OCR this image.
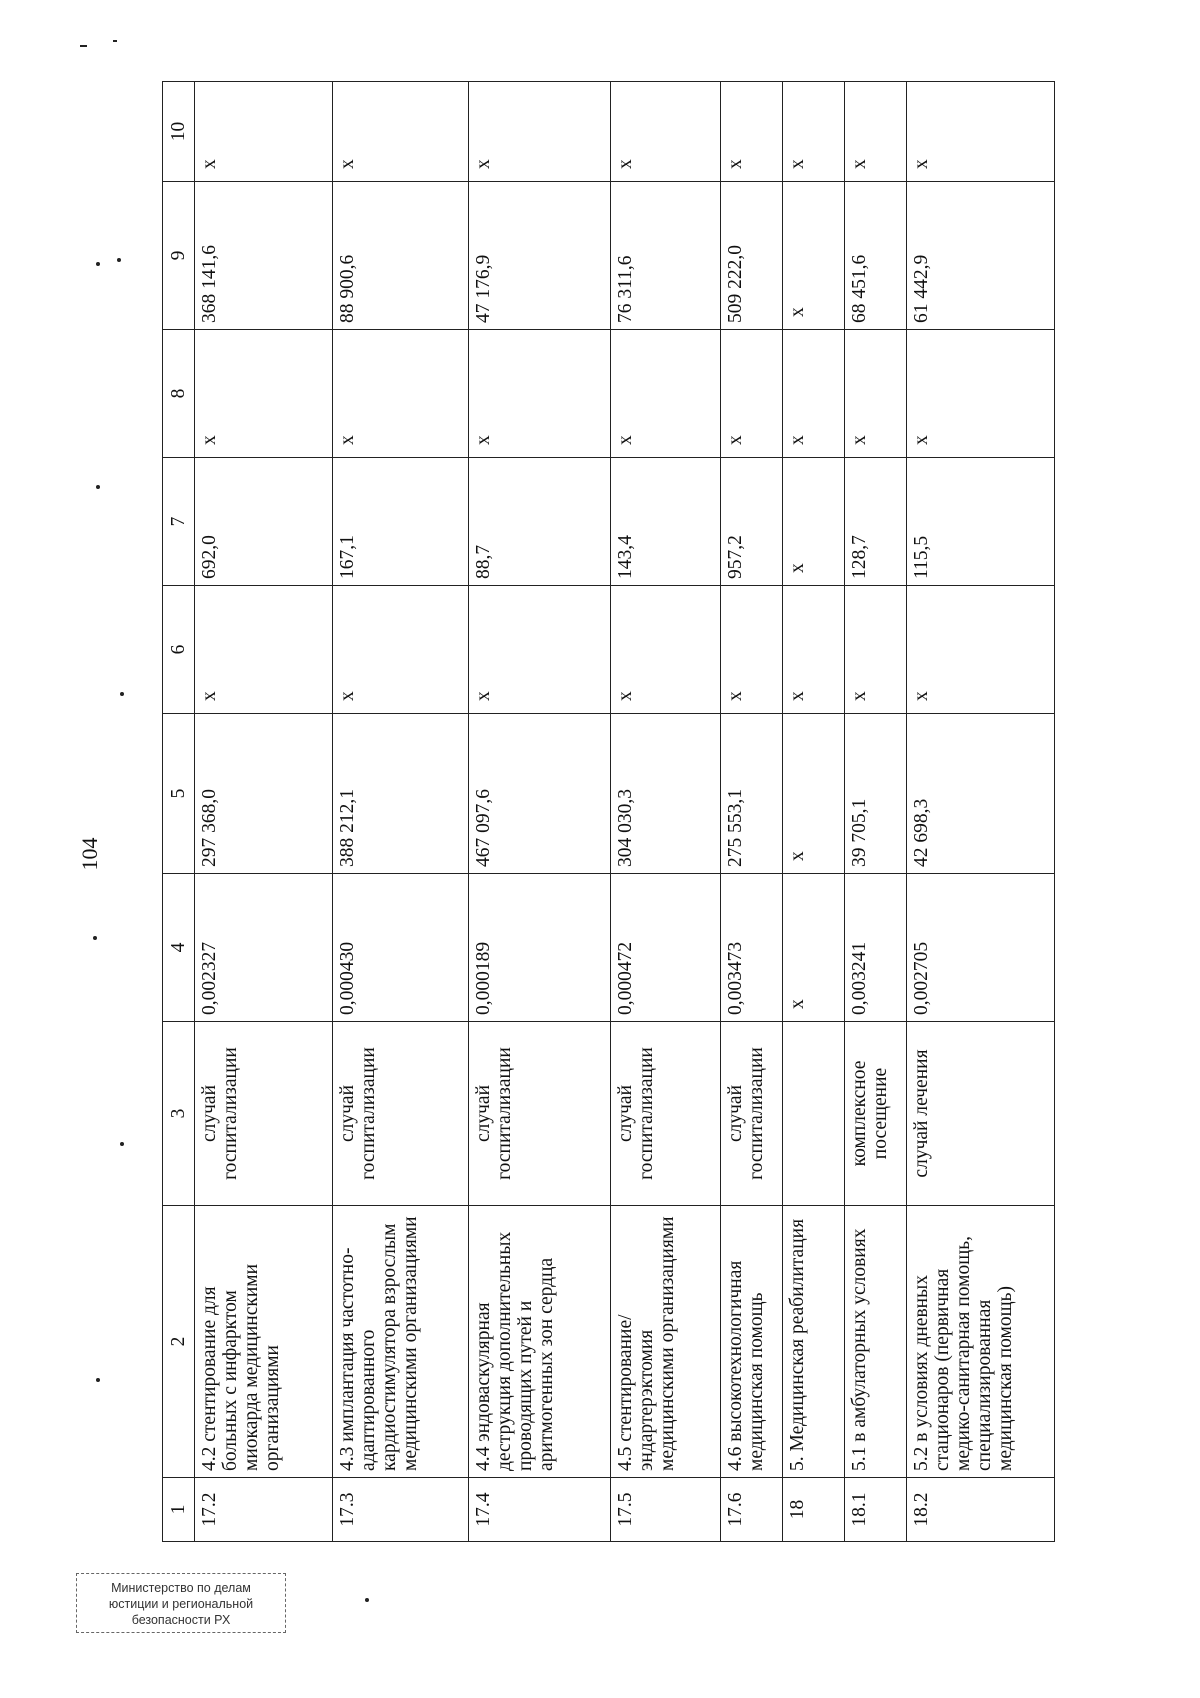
104
1	2	3	4	5	6	7	8	9	10
17.2	4.2 стентирование для больных с инфарктом миокарда медицинскими организациями	случай госпитализации	0,002327	297 368,0	х	692,0	х	368 141,6	х
17.3	4.3 имплантация частотно-адаптированного кардиостимулятора взрослым медицинскими организациями	случай госпитализации	0,000430	388 212,1	х	167,1	х	88 900,6	х
17.4	4.4 эндоваскулярная деструкция дополнительных проводящих путей и аритмогенных зон сердца	случай госпитализации	0,000189	467 097,6	х	88,7	х	47 176,9	х
17.5	4.5 стентирование/ эндартерэктомия медицинскими организациями	случай госпитализации	0,000472	304 030,3	х	143,4	х	76 311,6	х
17.6	4.6 высокотехнологичная медицинская помощь	случай госпитализации	0,003473	275 553,1	х	957,2	х	509 222,0	х
18	5. Медицинская реабилитация		х	х	х	х	х	х	х
18.1	5.1 в амбулаторных условиях	комплексное посещение	0,003241	39 705,1	х	128,7	х	68 451,6	х
18.2	5.2 в условиях дневных стационаров (первичная медико-санитарная помощь, специализированная медицинская помощь)	случай лечения	0,002705	42 698,3	х	115,5	х	61 442,9	х
Министерство по делам
юстиции и региональной
безопасности РХ
